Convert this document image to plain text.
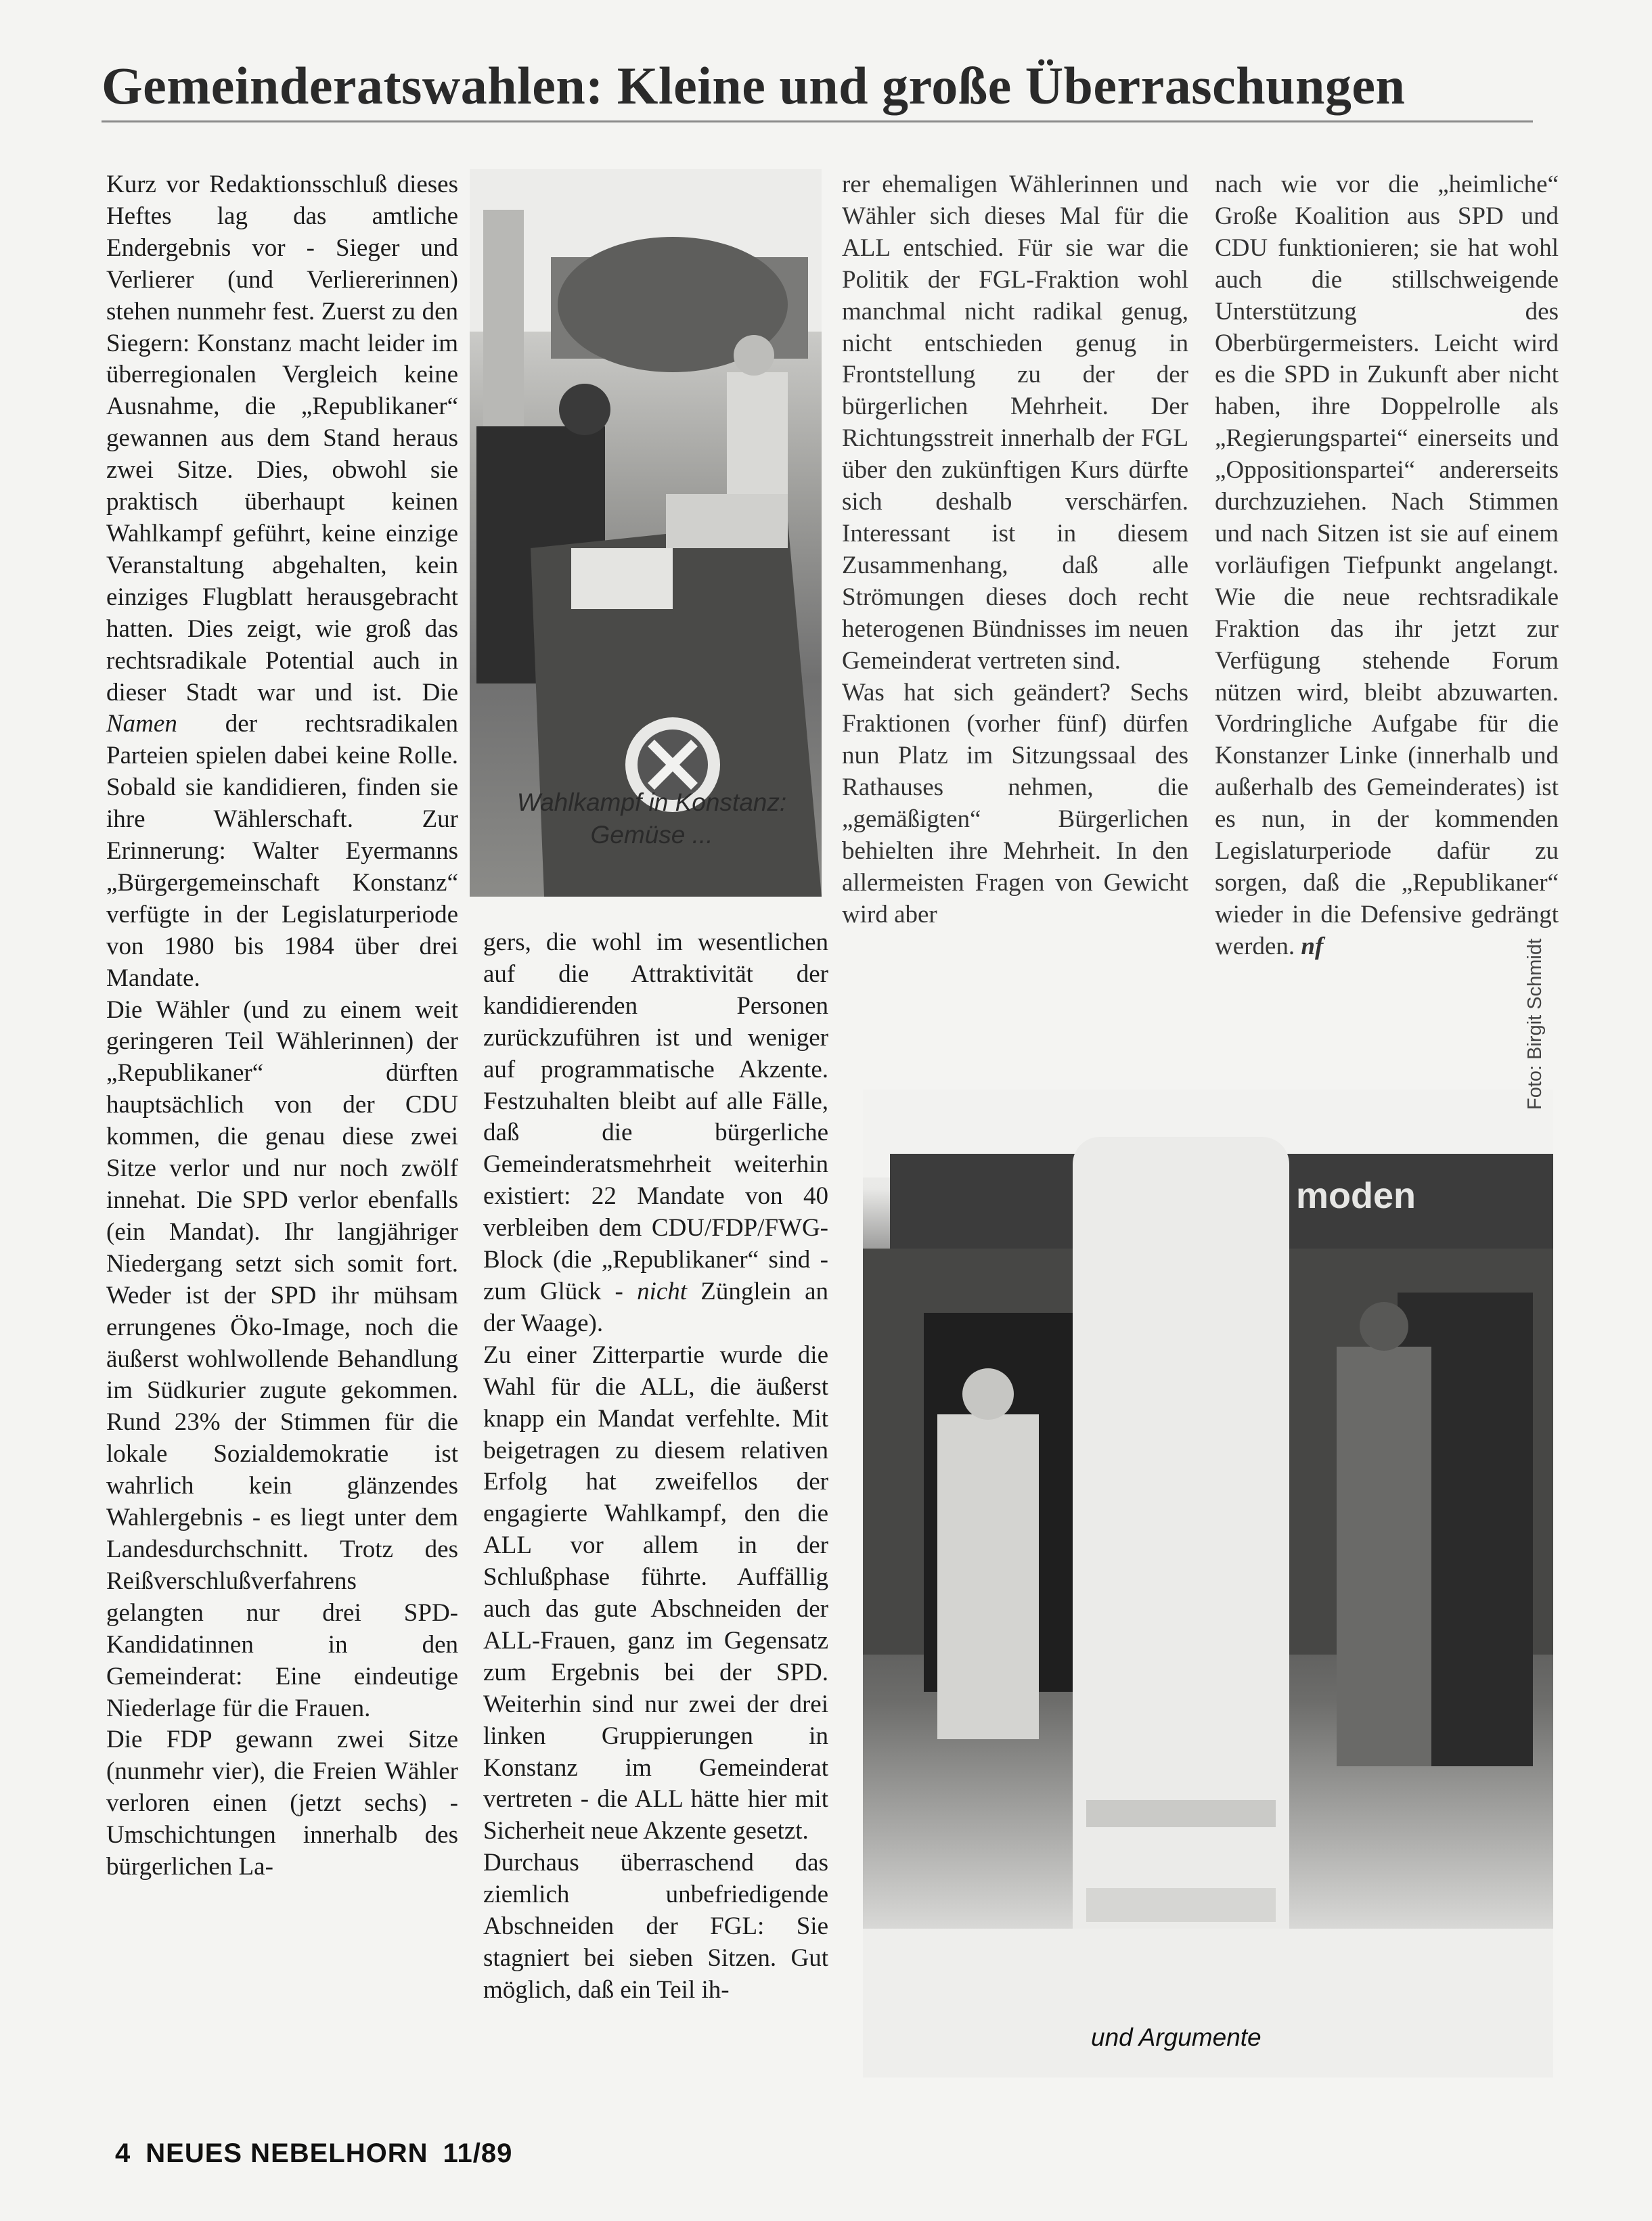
Gemeinderatswahlen: Kleine und große Überraschungen

Kurz vor Redaktionsschluß dieses Heftes lag das amtliche Endergebnis vor - Sieger und Verlierer (und Verliererinnen) stehen nunmehr fest. Zuerst zu den Siegern: Konstanz macht leider im überregionalen Vergleich keine Ausnahme, die „Republikaner“ gewannen aus dem Stand heraus zwei Sitze. Dies, obwohl sie praktisch überhaupt keinen Wahlkampf geführt, keine einzige Veranstaltung abgehalten, kein einziges Flugblatt herausgebracht hatten. Dies zeigt, wie groß das rechtsradikale Potential auch in dieser Stadt war und ist. Die Namen der rechtsradikalen Parteien spielen dabei keine Rolle. Sobald sie kandidieren, finden sie ihre Wählerschaft. Zur Erinnerung: Walter Eyermanns „Bürgergemeinschaft Konstanz“ verfügte in der Legislaturperiode von 1980 bis 1984 über drei Mandate.

Die Wähler (und zu einem weit geringeren Teil Wählerinnen) der „Republikaner“ dürften hauptsächlich von der CDU kommen, die genau diese zwei Sitze verlor und nur noch zwölf innehat. Die SPD verlor ebenfalls (ein Mandat). Ihr langjähriger Niedergang setzt sich somit fort. Weder ist der SPD ihr mühsam errungenes Öko-Image, noch die äußerst wohlwollende Behandlung im Südkurier zugute gekommen. Rund 23% der Stimmen für die lokale Sozialdemokratie ist wahrlich kein glänzendes Wahlergebnis - es liegt unter dem Landesdurchschnitt. Trotz des Reißverschlußverfahrens gelangten nur drei SPD-Kandidatinnen in den Gemeinderat: Eine eindeutige Niederlage für die Frauen.

Die FDP gewann zwei Sitze (nunmehr vier), die Freien Wähler verloren einen (jetzt sechs) - Umschichtungen innerhalb des bürgerlichen La-

Wahlkampf in Konstanz:
Gemüse ...

gers, die wohl im wesentlichen auf die Attraktivität der kandidierenden Personen zurückzuführen ist und weniger auf programmatische Akzente. Festzuhalten bleibt auf alle Fälle, daß die bürgerliche Gemeinderatsmehrheit weiterhin existiert: 22 Mandate von 40 verbleiben dem CDU/FDP/FWG-Block (die „Republikaner“ sind - zum Glück - nicht Zünglein an der Waage).

Zu einer Zitterpartie wurde die Wahl für die ALL, die äußerst knapp ein Mandat verfehlte. Mit beigetragen zu diesem relativen Erfolg hat zweifellos der engagierte Wahlkampf, den die ALL vor allem in der Schlußphase führte. Auffällig auch das gute Abschneiden der ALL-Frauen, ganz im Gegensatz zum Ergebnis bei der SPD. Weiterhin sind nur zwei der drei linken Gruppierungen in Konstanz im Gemeinderat vertreten - die ALL hätte hier mit Sicherheit neue Akzente gesetzt.

Durchaus überraschend das ziemlich unbefriedigende Abschneiden der FGL: Sie stagniert bei sieben Sitzen. Gut möglich, daß ein Teil ih-

rer ehemaligen Wählerinnen und Wähler sich dieses Mal für die ALL entschied. Für sie war die Politik der FGL-Fraktion wohl manchmal nicht radikal genug, nicht entschieden genug in Frontstellung zu der der bürgerlichen Mehrheit. Der Richtungsstreit innerhalb der FGL über den zukünftigen Kurs dürfte sich deshalb verschärfen. Interessant ist in diesem Zusammenhang, daß alle Strömungen dieses doch recht heterogenen Bündnisses im neuen Gemeinderat vertreten sind.

Was hat sich geändert? Sechs Fraktionen (vorher fünf) dürfen nun Platz im Sitzungssaal des Rathauses nehmen, die „gemäßigten“ Bürgerlichen behielten ihre Mehrheit. In den allermeisten Fragen von Gewicht wird aber

nach wie vor die „heimliche“ Große Koalition aus SPD und CDU funktionieren; sie hat wohl auch die stillschweigende Unterstützung des Oberbürgermeisters. Leicht wird es die SPD in Zukunft aber nicht haben, ihre Doppelrolle als „Regierungspartei“ einerseits und „Oppositionspartei“ andererseits durchzuziehen. Nach Stimmen und nach Sitzen ist sie auf einem vorläufigen Tiefpunkt angelangt. Wie die neue rechtsradikale Fraktion das ihr jetzt zur Verfügung stehende Forum nützen wird, bleibt abzuwarten. Vordringliche Aufgabe für die Konstanzer Linke (innerhalb und außerhalb des Gemeinderates) ist es nun, in der kommenden Legislaturperiode dafür zu sorgen, daß die „Republikaner“ wieder in die Defensive gedrängt werden. nf

moden
und Argumente
Foto: Birgit Schmidt
4 NEUES NEBELHORN 11/89
